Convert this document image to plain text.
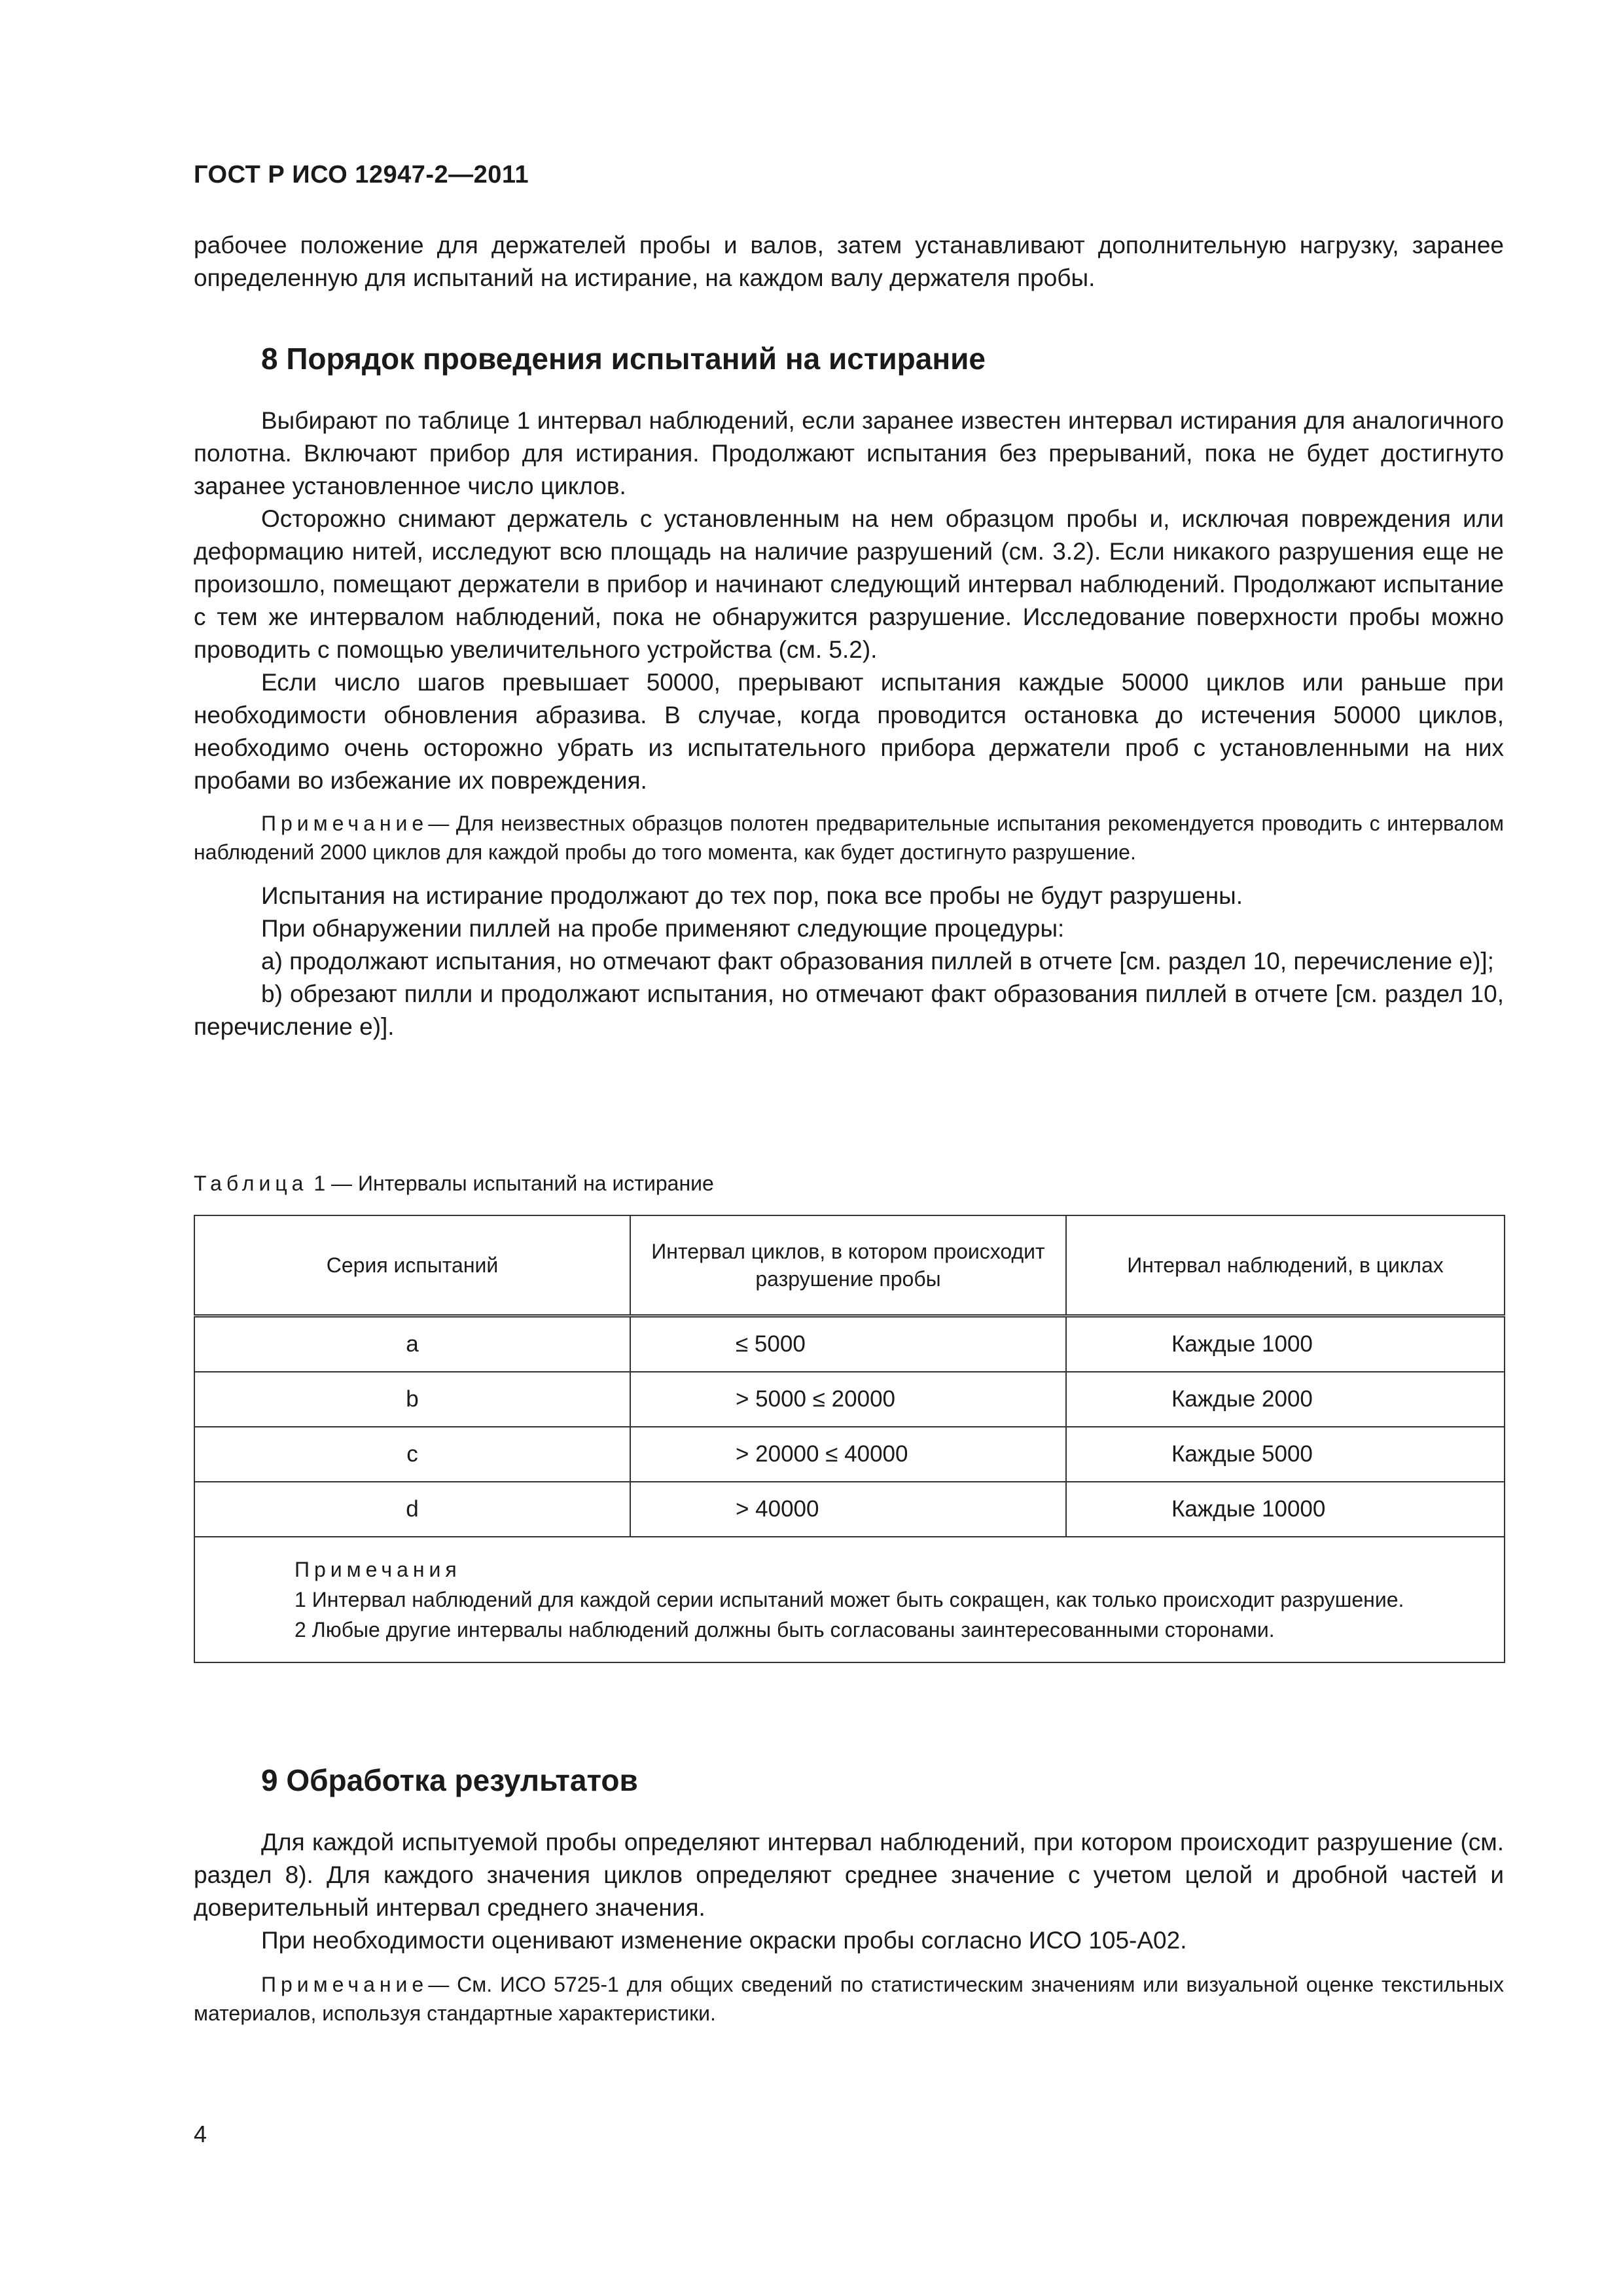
ГОСТ Р ИСО 12947-2—2011

рабочее положение для держателей пробы и валов, затем устанавливают дополнительную нагрузку, заранее определенную для испытаний на истирание, на каждом валу держателя пробы.

8 Порядок проведения испытаний на истирание

Выбирают по таблице 1 интервал наблюдений, если заранее известен интервал истирания для аналогичного полотна. Включают прибор для истирания. Продолжают испытания без прерываний, пока не будет достигнуто заранее установленное число циклов.

Осторожно снимают держатель с установленным на нем образцом пробы и, исключая повреждения или деформацию нитей, исследуют всю площадь на наличие разрушений (см. 3.2). Если никакого разрушения еще не произошло, помещают держатели в прибор и начинают следующий интервал наблюдений. Продолжают испытание с тем же интервалом наблюдений, пока не обнаружится разрушение. Исследование поверхности пробы можно проводить с помощью увеличительного устройства (см. 5.2).

Если число шагов превышает 50000, прерывают испытания каждые 50000 циклов или раньше при необходимости обновления абразива. В случае, когда проводится остановка до истечения 50000 циклов, необходимо очень осторожно убрать из испытательного прибора держатели проб с установленными на них пробами во избежание их повреждения.

Примечание— Для неизвестных образцов полотен предварительные испытания рекомендуется проводить с интервалом наблюдений 2000 циклов для каждой пробы до того момента, как будет достигнуто разрушение.

Испытания на истирание продолжают до тех пор, пока все пробы не будут разрушены.

При обнаружении пиллей на пробе применяют следующие процедуры:

a) продолжают испытания, но отмечают факт образования пиллей в отчете [см. раздел 10, перечисление e)];

b) обрезают пилли и продолжают испытания, но отмечают факт образования пиллей в отчете [см. раздел 10, перечисление e)].

Таблица 1 — Интервалы испытаний на истирание
Серия испытаний	Интервал циклов, в котором происходит разрушение пробы	Интервал наблюдений, в циклах
a	≤ 5000	Каждые 1000
b	> 5000 ≤ 20000	Каждые 2000
c	> 20000 ≤ 40000	Каждые 5000
d	> 40000	Каждые 10000

Примечания
1 Интервал наблюдений для каждой серии испытаний может быть сокращен, как только происходит разрушение.
2 Любые другие интервалы наблюдений должны быть согласованы заинтересованными сторонами.		
9 Обработка результатов

Для каждой испытуемой пробы определяют интервал наблюдений, при котором происходит разрушение (см. раздел 8). Для каждого значения циклов определяют среднее значение с учетом целой и дробной частей и доверительный интервал среднего значения.

При необходимости оценивают изменение окраски пробы согласно ИСО 105-A02.

Примечание— См. ИСО 5725-1 для общих сведений по статистическим значениям или визуальной оценке текстильных материалов, используя стандартные характеристики.
4
